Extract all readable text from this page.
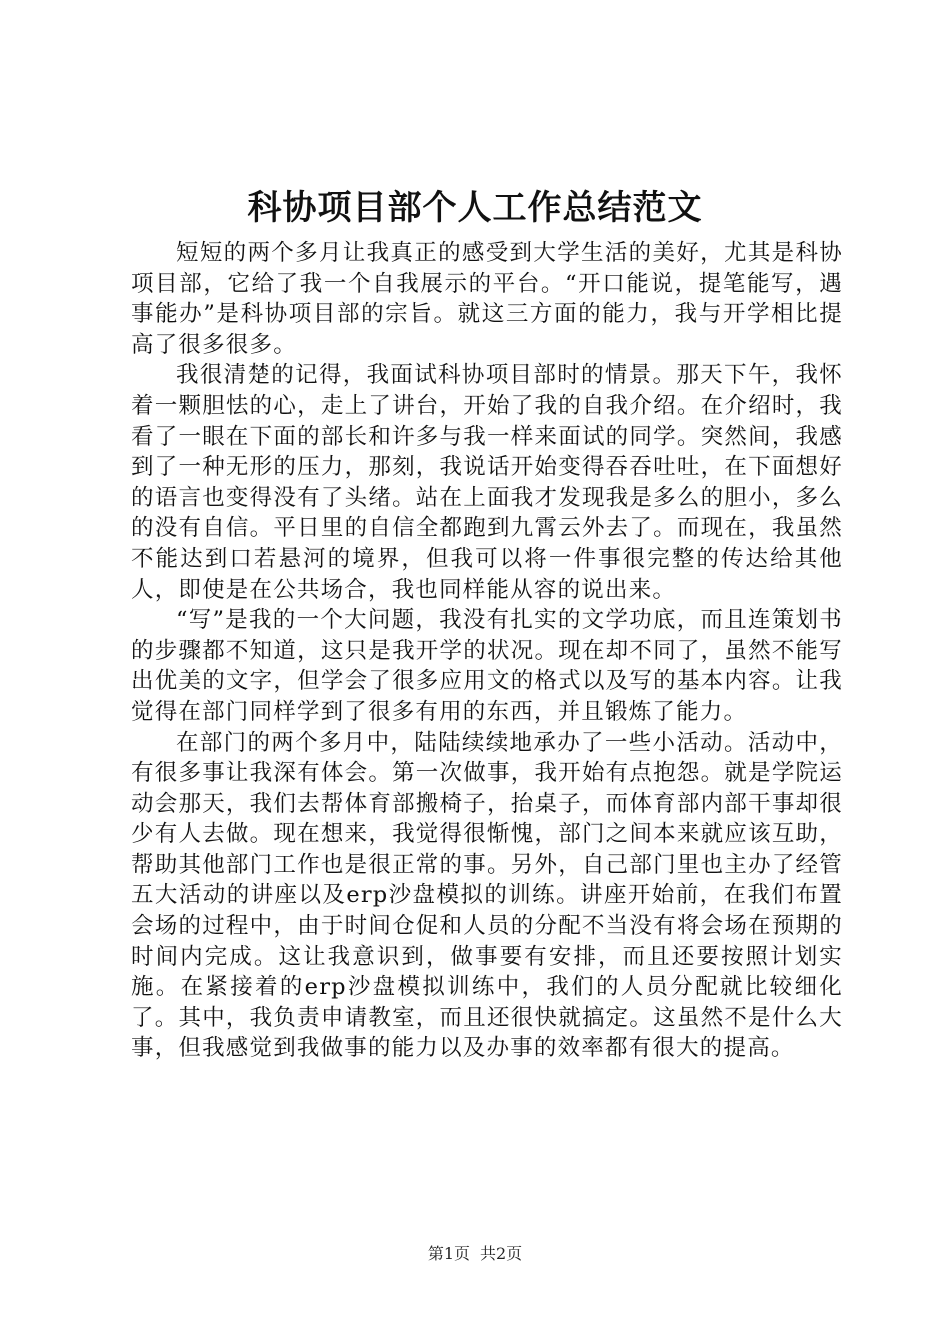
科协项目部个人工作总结范文

短短的两个多月让我真正的感受到大学生活的美好，尤其是科协项目部，它给了我一个自我展示的平台。“开口能说，提笔能写，遇事能办”是科协项目部的宗旨。就这三方面的能力，我与开学相比提高了很多很多。

我很清楚的记得，我面试科协项目部时的情景。那天下午，我怀着一颗胆怯的心，走上了讲台，开始了我的自我介绍。在介绍时，我看了一眼在下面的部长和许多与我一样来面试的同学。突然间，我感到了一种无形的压力，那刻，我说话开始变得吞吞吐吐，在下面想好的语言也变得没有了头绪。站在上面我才发现我是多么的胆小，多么的没有自信。平日里的自信全都跑到九霄云外去了。而现在，我虽然不能达到口若悬河的境界，但我可以将一件事很完整的传达给其他人，即使是在公共场合，我也同样能从容的说出来。

“写”是我的一个大问题，我没有扎实的文学功底，而且连策划书的步骤都不知道，这只是我开学的状况。现在却不同了，虽然不能写出优美的文字，但学会了很多应用文的格式以及写的基本内容。让我觉得在部门同样学到了很多有用的东西，并且锻炼了能力。

在部门的两个多月中，陆陆续续地承办了一些小活动。活动中，有很多事让我深有体会。第一次做事，我开始有点抱怨。就是学院运动会那天，我们去帮体育部搬椅子，抬桌子，而体育部内部干事却很少有人去做。现在想来，我觉得很惭愧，部门之间本来就应该互助，帮助其他部门工作也是很正常的事。另外，自己部门里也主办了经管五大活动的讲座以及erp沙盘模拟的训练。讲座开始前，在我们布置会场的过程中，由于时间仓促和人员的分配不当没有将会场在预期的时间内完成。这让我意识到，做事要有安排，而且还要按照计划实施。在紧接着的erp沙盘模拟训练中，我们的人员分配就比较细化了。其中，我负责申请教室，而且还很快就搞定。这虽然不是什么大事，但我感觉到我做事的能力以及办事的效率都有很大的提高。

第1页 共2页
